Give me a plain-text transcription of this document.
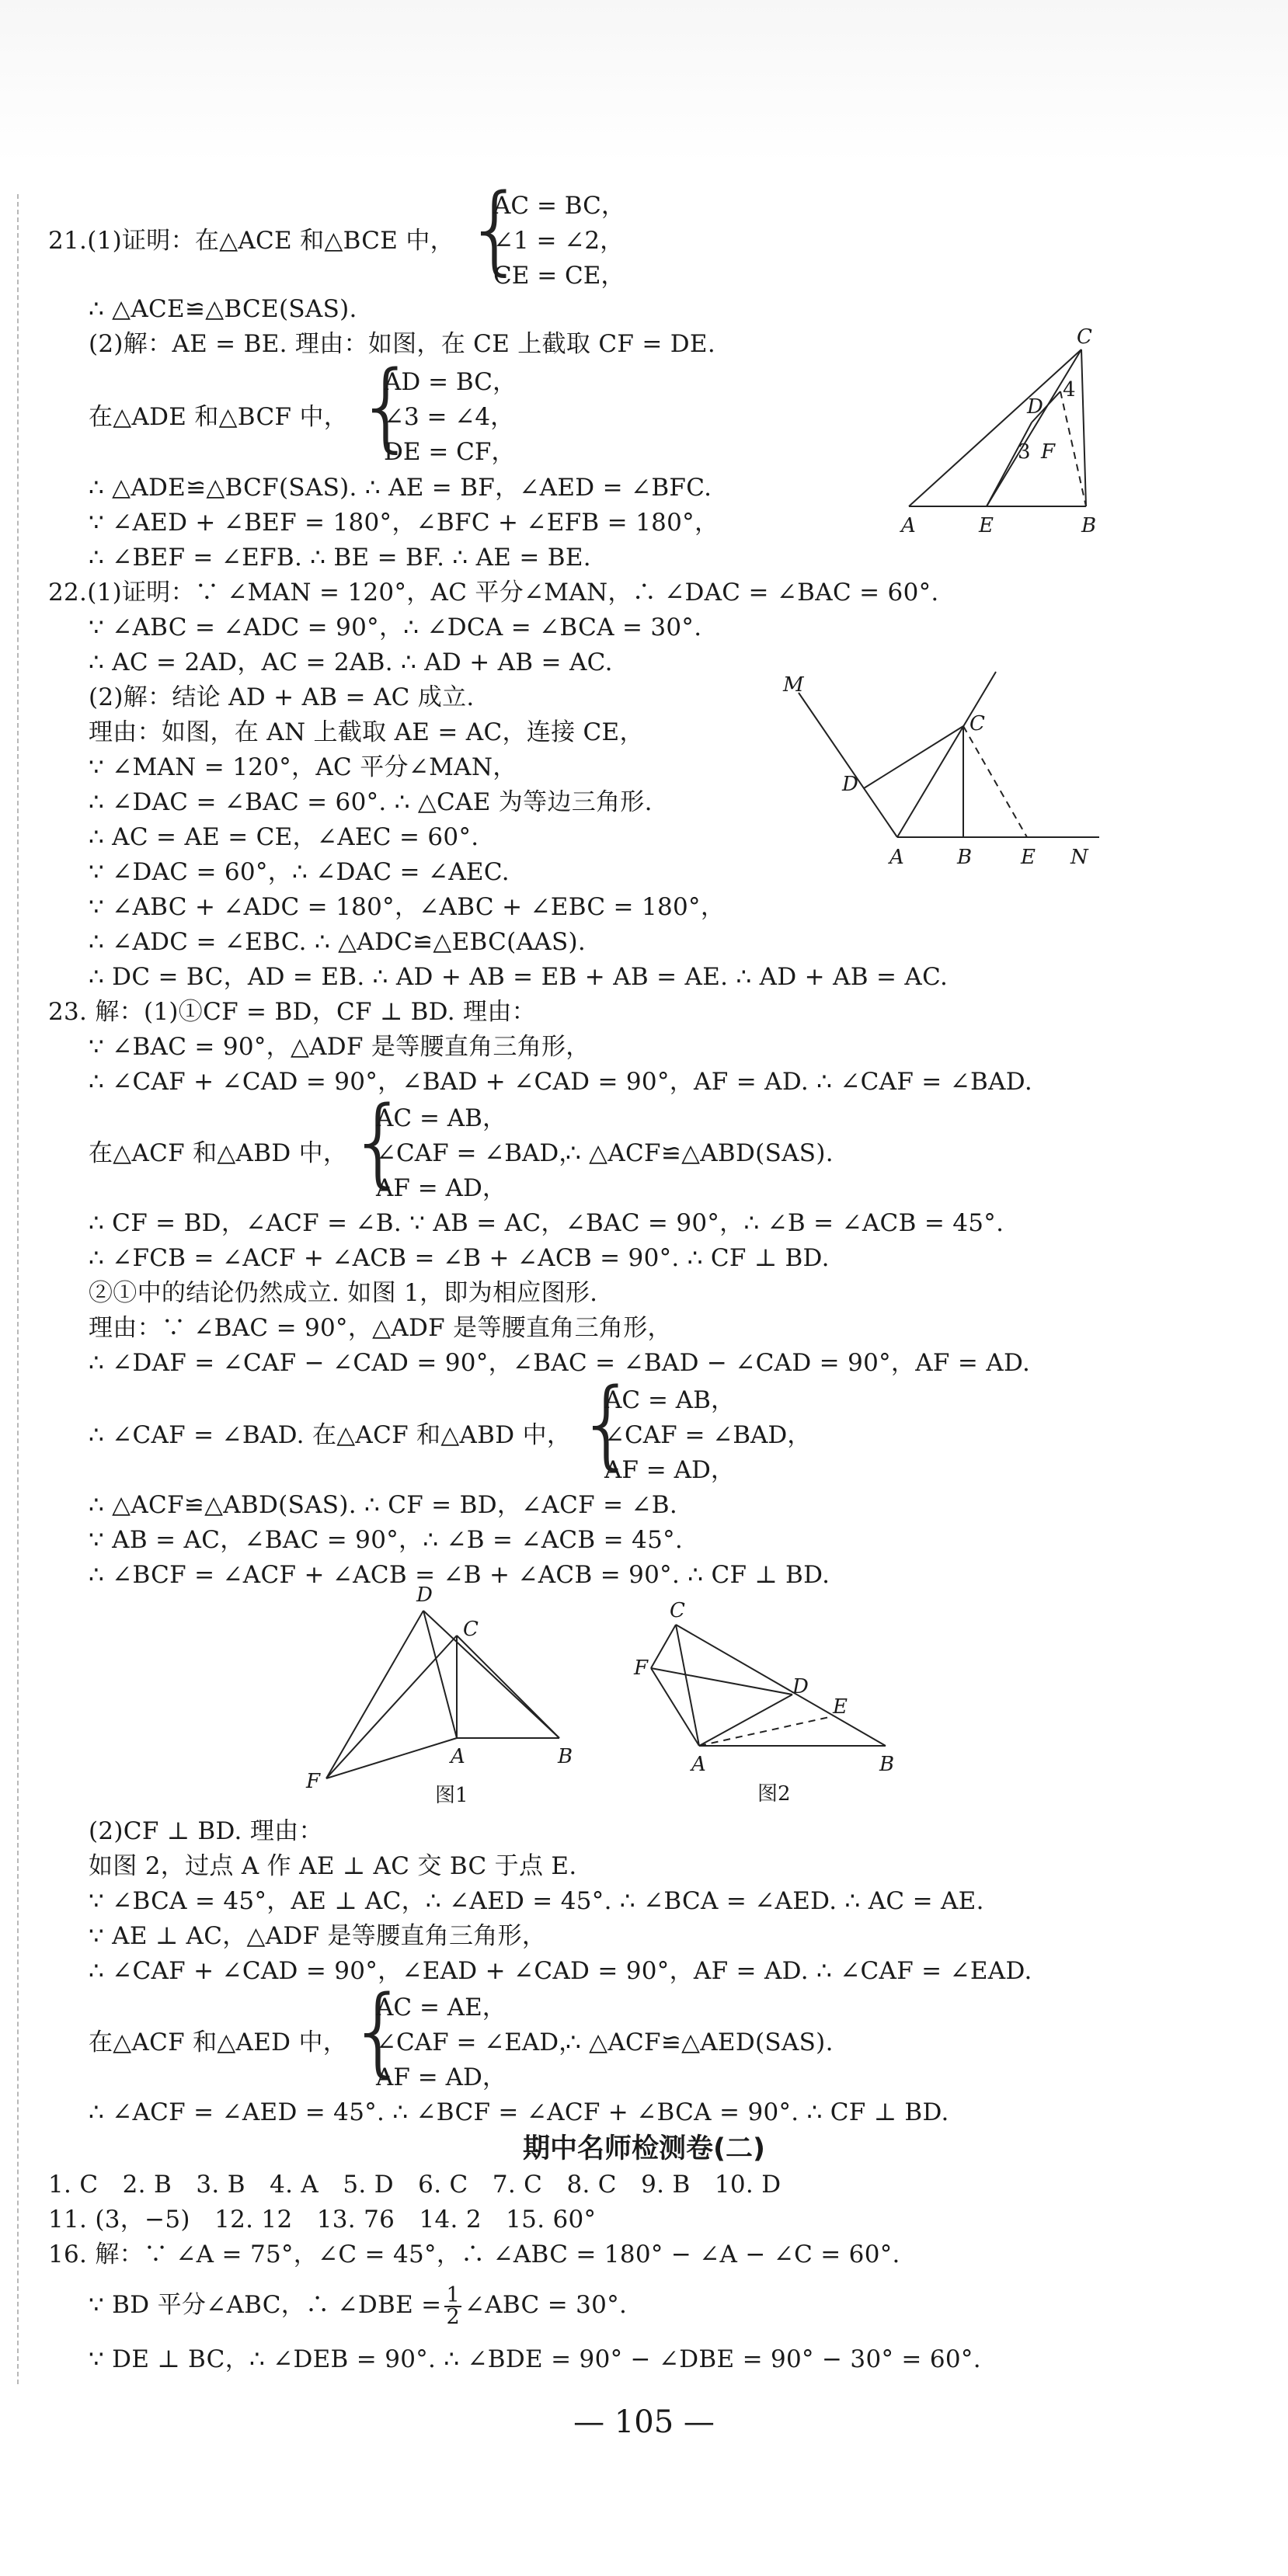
21.(1)证明：在△ACE 和△BCE 中， {
AC = BC，
∠1 = ∠2，
CE = CE，
∴ △ACE≌△BCE(SAS).
(2)解：AE = BE. 理由：如图，在 CE 上截取 CF = DE.
在△ADE 和△BCF 中， {
AD = BC，
∠3 = ∠4，
DE = CF，
∴ △ADE≌△BCF(SAS). ∴ AE = BF，∠AED = ∠BFC.
∵ ∠AED + ∠BEF = 180°，∠BFC + ∠EFB = 180°，
∴ ∠BEF = ∠EFB. ∴ BE = BF. ∴ AE = BE.
C
D
F
3
4
A	E	B
22.(1)证明：∵ ∠MAN = 120°，AC 平分∠MAN，∴ ∠DAC = ∠BAC = 60°.
∵ ∠ABC = ∠ADC = 90°，∴ ∠DCA = ∠BCA = 30°.
∴ AC = 2AD，AC = 2AB. ∴ AD + AB = AC.
(2)解：结论 AD + AB = AC 成立.
理由：如图，在 AN 上截取 AE = AC，连接 CE，
∵ ∠MAN = 120°，AC 平分∠MAN，
∴ ∠DAC = ∠BAC = 60°. ∴ △CAE 为等边三角形.
∴ AC = AE = CE，∠AEC = 60°.
∵ ∠DAC = 60°，∴ ∠DAC = ∠AEC.
∵ ∠ABC + ∠ADC = 180°，∠ABC + ∠EBC = 180°，
∴ ∠ADC = ∠EBC. ∴ △ADC≌△EBC(AAS).
∴ DC = BC，AD = EB. ∴ AD + AB = EB + AB = AE. ∴ AD + AB = AC.
M
C
D
A	B E N
23. 解：(1)①CF = BD，CF ⊥ BD. 理由：
∵ ∠BAC = 90°，△ADF 是等腰直角三角形，
∴ ∠CAF + ∠CAD = 90°，∠BAD + ∠CAD = 90°，AF = AD. ∴ ∠CAF = ∠BAD.
在△ACF 和△ABD 中， {
AC = AB，
∠CAF = ∠BAD，
AF = AD，
∴ △ACF≌△ABD(SAS).
∴ CF = BD，∠ACF = ∠B. ∵ AB = AC，∠BAC = 90°，∴ ∠B = ∠ACB = 45°.
∴ ∠FCB = ∠ACF + ∠ACB = ∠B + ∠ACB = 90°. ∴ CF ⊥ BD.
②①中的结论仍然成立. 如图 1，即为相应图形.
理由：∵ ∠BAC = 90°，△ADF 是等腰直角三角形，
∴ ∠DAF = ∠CAF − ∠CAD = 90°，∠BAC = ∠BAD − ∠CAD = 90°，AF = AD.
∴ ∠CAF = ∠BAD. 在△ACF 和△ABD 中， {
AC = AB，
∠CAF = ∠BAD，
AF = AD，
∴ △ACF≌△ABD(SAS). ∴ CF = BD，∠ACF = ∠B.
∵ AB = AC，∠BAC = 90°，∴ ∠B = ∠ACB = 45°.
∴ ∠BCF = ∠ACF + ∠ACB = ∠B + ∠ACB = 90°. ∴ CF ⊥ BD.
D
C
F
A	B
图1
C
F
D
E
A	B
图2
(2)CF ⊥ BD. 理由：
如图 2，过点 A 作 AE ⊥ AC 交 BC 于点 E.
∵ ∠BCA = 45°，AE ⊥ AC，∴ ∠AED = 45°. ∴ ∠BCA = ∠AED. ∴ AC = AE.
∵ AE ⊥ AC，△ADF 是等腰直角三角形，
∴ ∠CAF + ∠CAD = 90°，∠EAD + ∠CAD = 90°，AF = AD. ∴ ∠CAF = ∠EAD.
在△ACF 和△AED 中， {
AC = AE，
∠CAF = ∠EAD，
AF = AD，
∴ △ACF≌△AED(SAS).
∴ ∠ACF = ∠AED = 45°. ∴ ∠BCF = ∠ACF + ∠BCA = 90°. ∴ CF ⊥ BD.
期中名师检测卷(二)
1. C　2. B　3. B　4. A　5. D　6. C　7. C　8. C　9. B　10. D
11. (3，−5)　12. 12　13. 76　14. 2　15. 60°
16. 解：∵ ∠A = 75°，∠C = 45°，∴ ∠ABC = 180° − ∠A − ∠C = 60°.
∵ BD 平分∠ABC，∴ ∠DBE = $\frac{1}{2}$ ∠ABC = 30°.
∵ DE ⊥ BC，∴ ∠DEB = 90°. ∴ ∠BDE = 90° − ∠DBE = 90° − 30° = 60°.
— 105 —
